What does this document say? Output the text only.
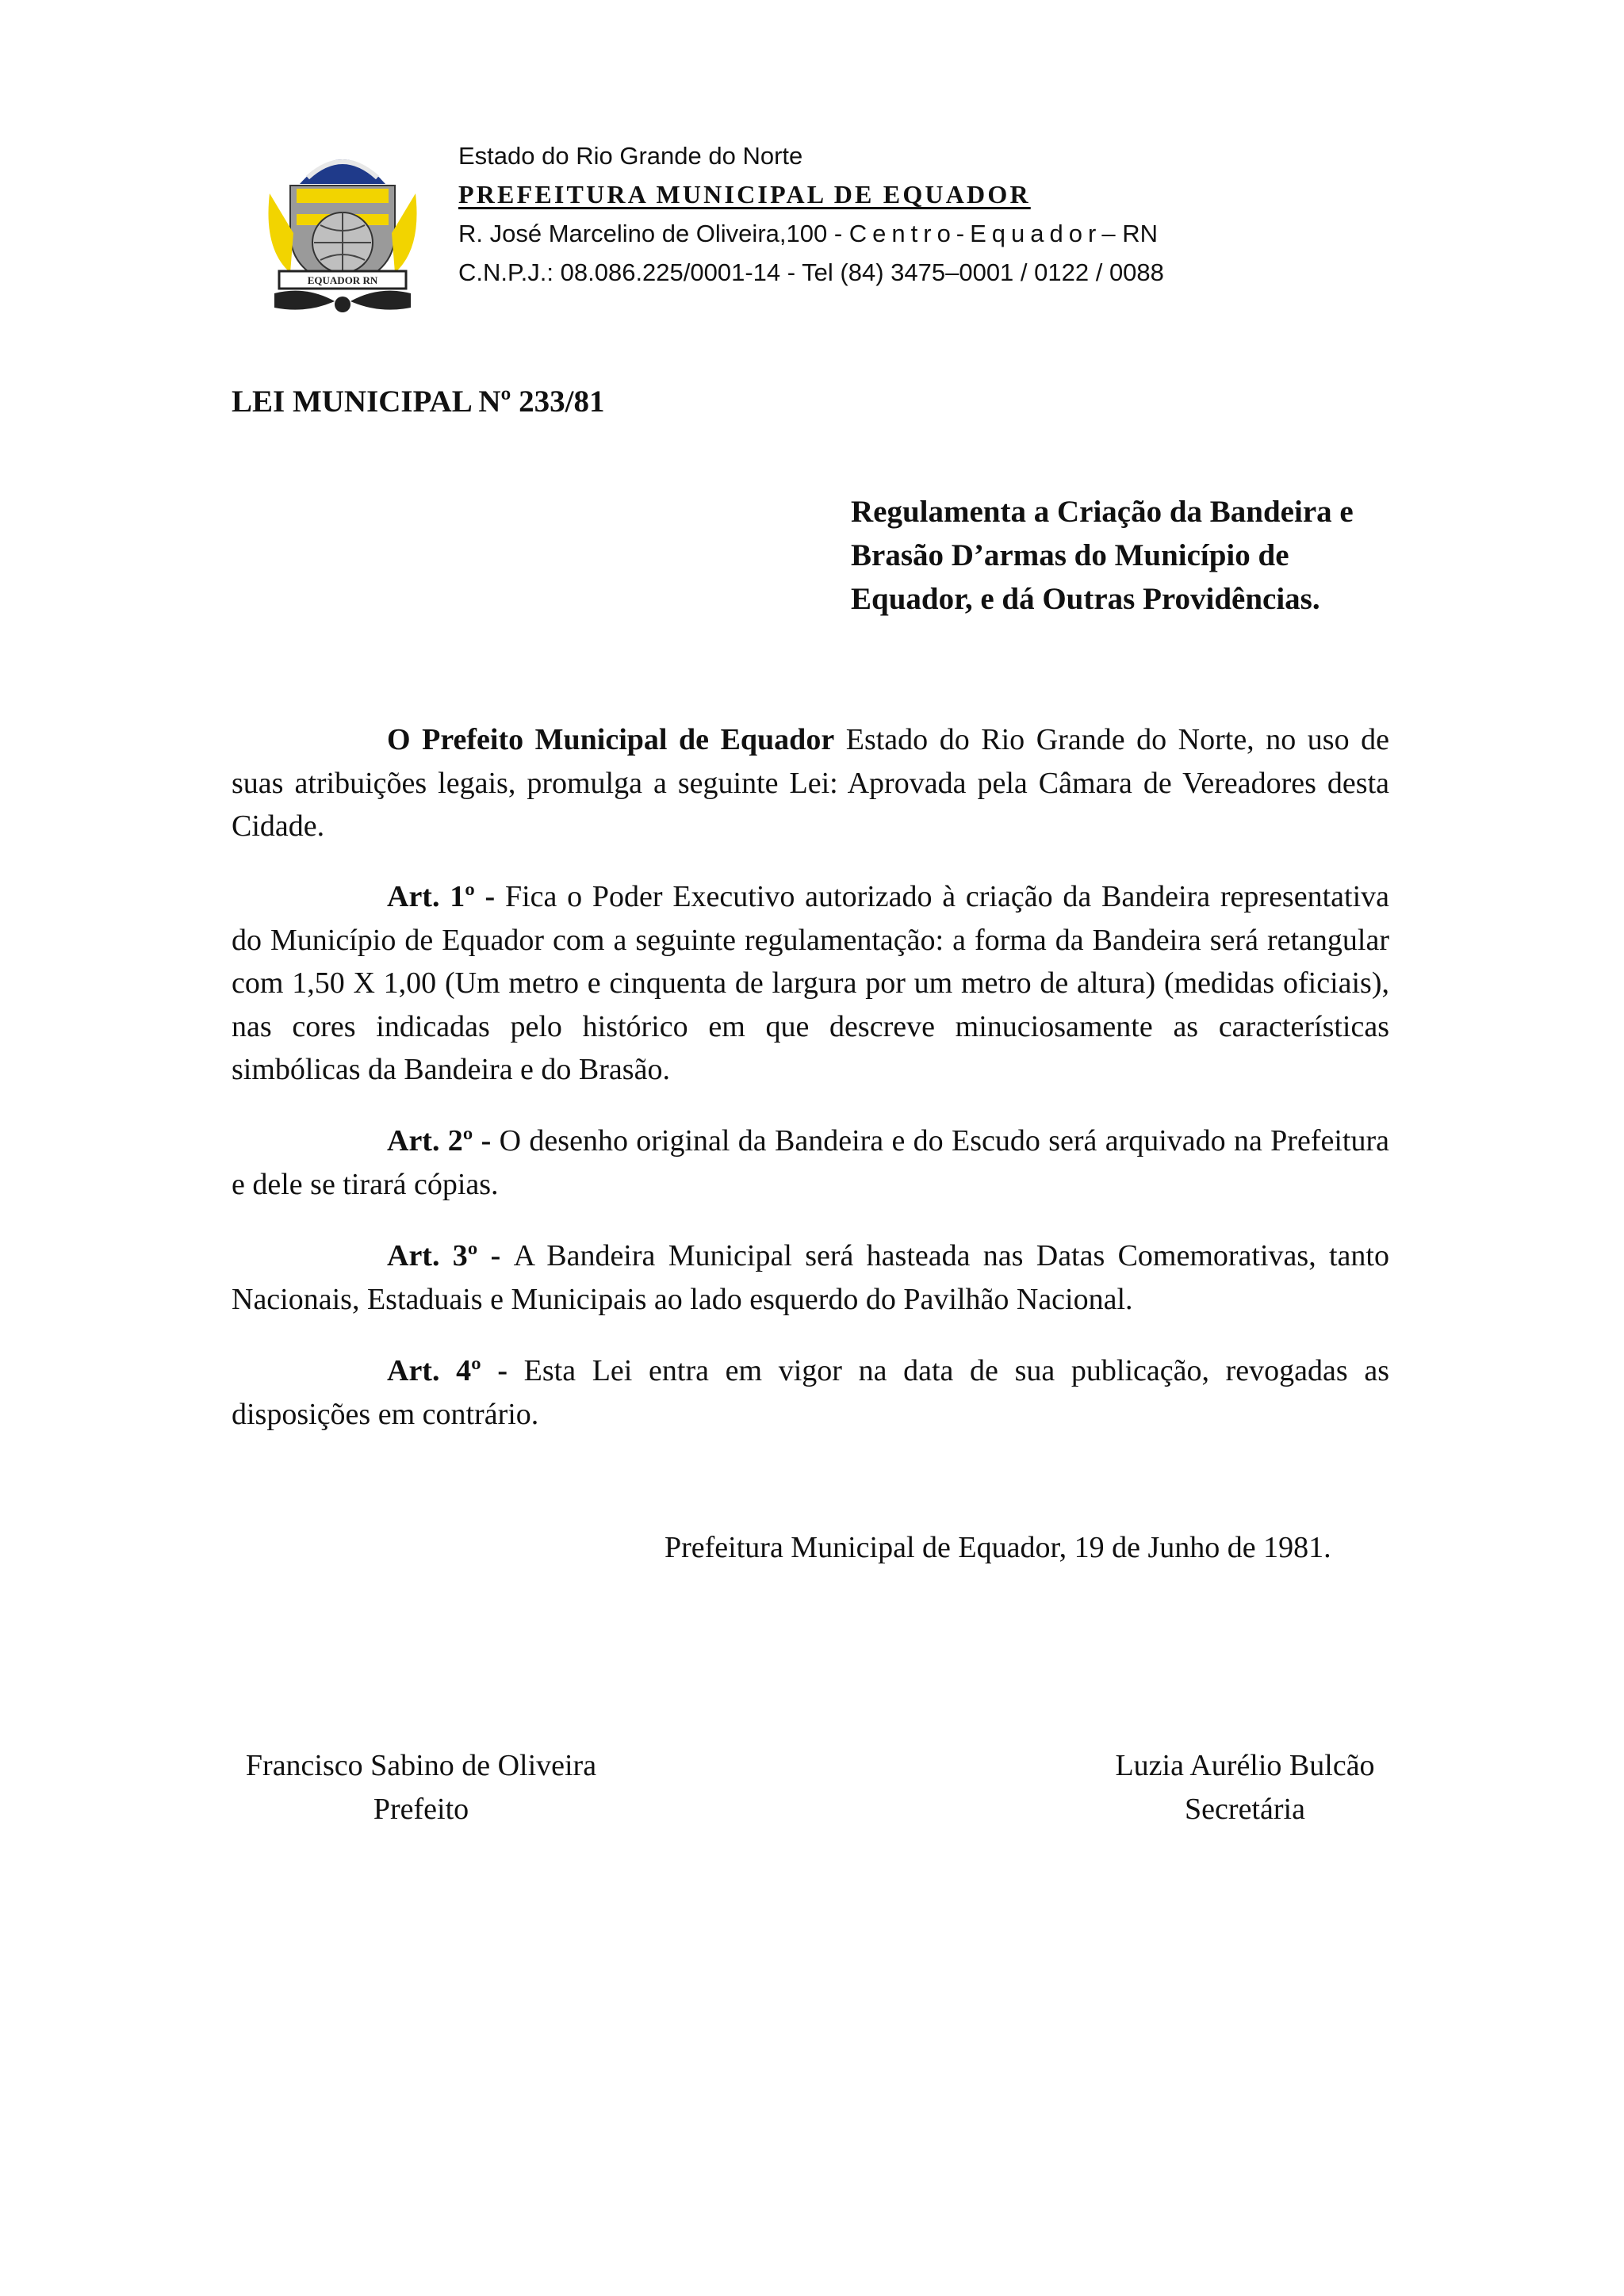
EQUADOR RN
Estado do Rio Grande do Norte
PREFEITURA MUNICIPAL DE EQUADOR
R. José Marcelino de Oliveira,100 - Centro-Equador– RN
C.N.P.J.: 08.086.225/0001-14 - Tel (84) 3475–0001 / 0122 / 0088
LEI MUNICIPAL Nº 233/81
Regulamenta a Criação da Bandeira e
Brasão D’armas do Município de
Equador, e dá Outras Providências.
O Prefeito Municipal de Equador Estado do Rio Grande do Norte, no uso de suas atribuições legais, promulga a seguinte Lei: Aprovada pela Câmara de Vereadores desta Cidade.
Art. 1º - Fica o Poder Executivo autorizado à criação da Bandeira representativa do Município de Equador com a seguinte regulamentação: a forma da Bandeira será retangular com 1,50 X 1,00 (Um metro e cinquenta de largura por um metro de altura) (medidas oficiais), nas cores indicadas pelo histórico em que descreve minuciosamente as características simbólicas da Bandeira e do Brasão.
Art. 2º - O desenho original da Bandeira e do Escudo será arquivado na Prefeitura e dele se tirará cópias.
Art. 3º - A Bandeira Municipal será hasteada nas Datas Comemorativas, tanto Nacionais, Estaduais e Municipais ao lado esquerdo do Pavilhão Nacional.
Art. 4º - Esta Lei entra em vigor na data de sua publicação, revogadas as disposições em contrário.
Prefeitura Municipal de Equador, 19 de Junho de 1981.
Francisco Sabino de Oliveira
Prefeito
Luzia Aurélio Bulcão
Secretária
